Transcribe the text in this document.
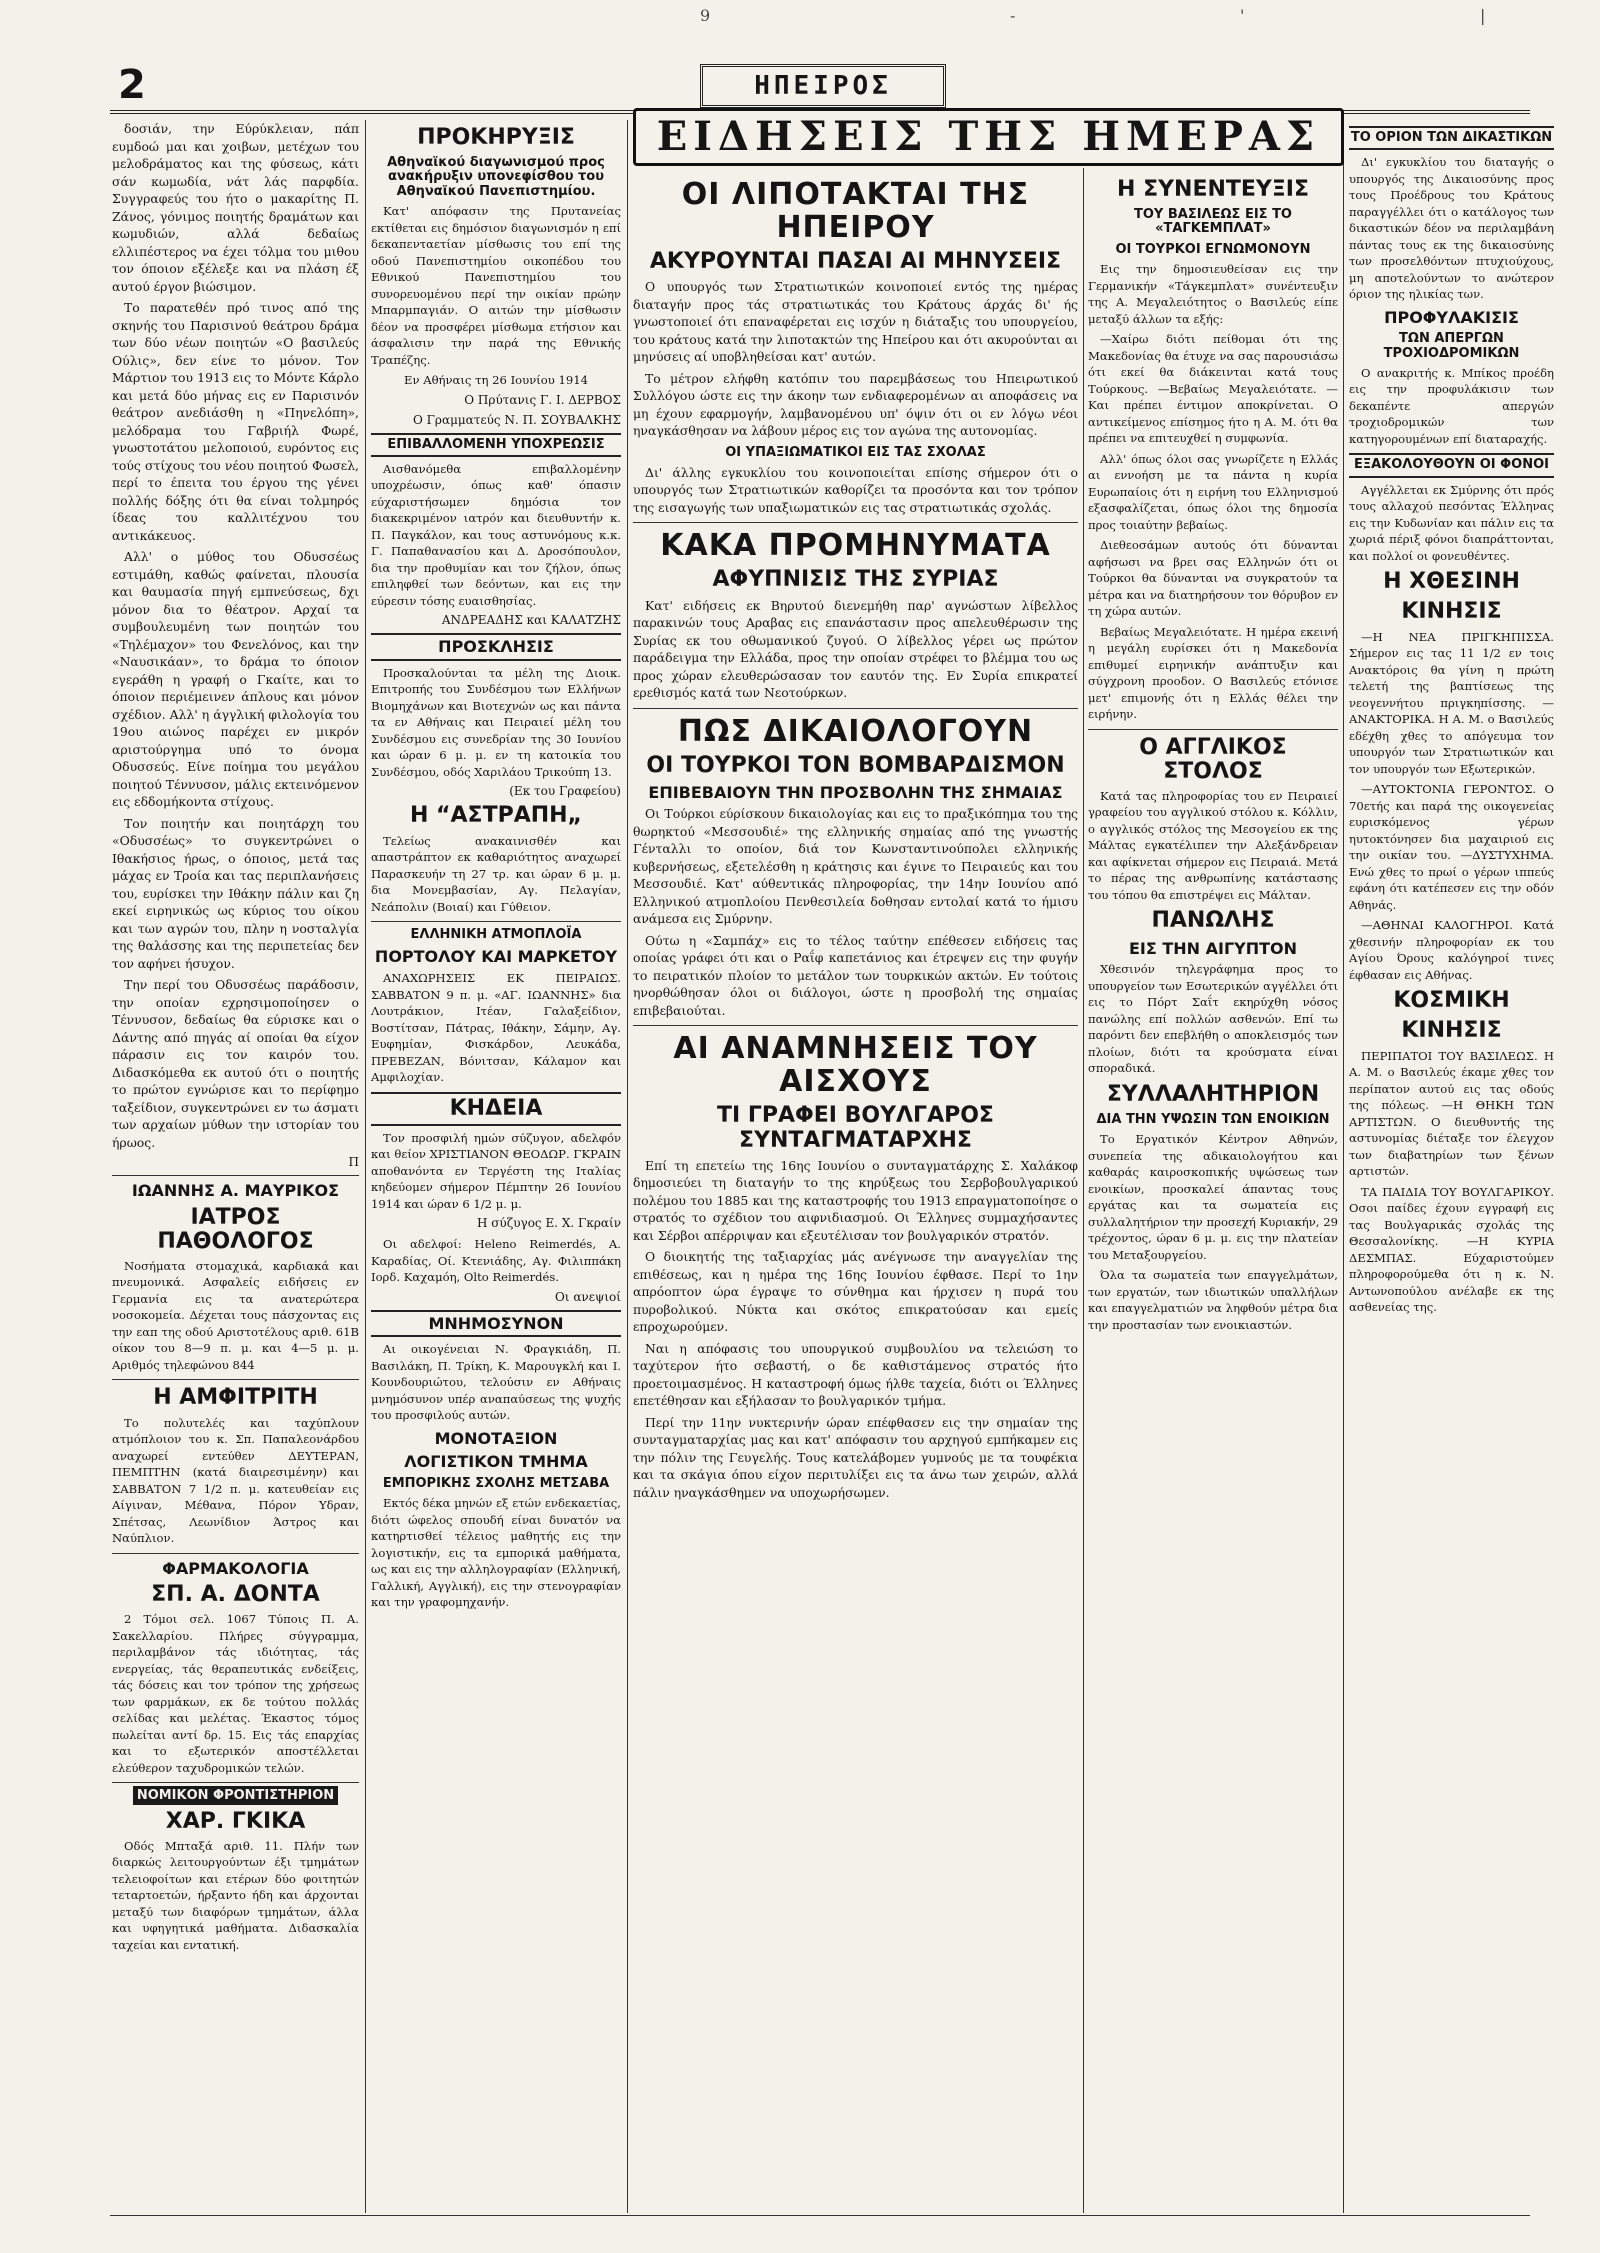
9	-	'	|
2	ΗΠΕΙΡΟΣ

δοσιάν, την Εύρύκλειαν, πάπ ευμδοώ μαι και χοιβων, μετέχων του μελοδράματος και της φύσεως, κάτι σάν κωμωδία, νάτ λάς παρφδία. Συγγραφεύς του ήτο ο μακαρίτης Π. Ζάνος, γόνιμος ποιητής δραμάτων και κωμυδιών, αλλά δεδαίως ελλιπέστερος να έχει τόλμα του μιθου τον όποιον εξέλεξε και να πλάση έξ αυτού έργον βιώσιμον.

Το παρατεθέν πρό τινος από της σκηνής του Παρισινού θεάτρου δράμα των δύο νέων ποιητών «Ο βασιλεύς Ούλις», δεν είνε το μόνον. Τον Μάρτιον του 1913 εις το Μόντε Κάρλο και μετά δύο μήνας εις εν Παρισινόν θεάτρον ανεδιάσθη η «Πηνελόπη», μελόδραμα του Γαβριήλ Φωρέ, γνωστοτάτου μελοποιού, ευρόντος εις τούς στίχους του νέου ποιητού Φωσελ, περί το έπειτα του έργου της γένει πολλής δόξης ότι θα είναι τολμηρός ίδεας του καλλιτέχνου του αντικάκευος.

Αλλ' ο μύθος του Οδυσσέως εστιμάθη, καθώς φαίνεται, πλουσία και θαυμασία πηγή εμπνεύσεως, δχι μόνον δια το θέατρον. Αρχαί τα συμβουλευμένη των ποιητών του «Τηλέμαχον» του Φενελόνος, και την «Ναυσικάαν», το δράμα το όποιον εγεράθη η γραφή ο Γκαίτε, και το όποιον περιέμεινεν άπλους και μόνον σχέδιον. Αλλ' η άγγλική φιλολογία του 19ου αιώνος παρέχει εν μικρόν αριστούργημα υπό το όνομα Οδυσσεύς. Είνε ποίημα του μεγάλου ποιητού Τέννυσον, μάλις εκτεινόμενον εις εδδομήκοντα στίχους.

Τον ποιητήν και ποιητάρχη του «Οδυσσέως» το συγκεντρώνει ο Ιθακήσιος ήρως, ο όποιος, μετά τας μάχας εν Τροία και τας περιπλανήσεις του, ευρίσκει την Ιθάκην πάλιν και ζη εκεί ειρηνικώς ως κύριος του οίκου και των αγρών του, πλην η νοσταλγία της θαλάσσης και της περιπετείας δεν τον αφήνει ήσυχον.

Την περί του Οδυσσέως παράδοσιν, την οποίαν εχρησιμοποίησεν ο Τέννυσον, δεδαίως θα εύρισκε και ο Δάντης από πηγάς αί οποίαι θα είχον πάρασιν εις τον καιρόν του. Διδασκόμεθα εκ αυτού ότι ο ποιητής το πρώτον εγνώρισε και το περίφημο ταξείδιον, συγκεντρώνει εν τω άσματι των αρχαίων μύθων την ιστορίαν του ήρωος.

Π
ΙΩΑΝΝΗΣ Α. ΜΑΥΡΙΚΟΣ
ΙΑΤΡΟΣ ΠΑΘΟΛΟΓΟΣ

Νοσήματα στομαχικά, καρδιακά και πνευμονικά. Ασφαλείς ειδήσεις εν Γερμανία εις τα ανατερώτερα νοσοκομεία. Δέχεται τους πάσχοντας εις την εαπ της οδού Αριστοτέλους αριθ. 61Β οίκον του 8—9 π. μ. και 4—5 μ. μ. Αριθμός τηλεφώνου 844

Η ΑΜΦΙΤΡΙΤΗ

Το πολυτελές και ταχύπλουν ατμόπλοιον του κ. Σπ. Παπαλεονάρδου αναχωρεί εντεύθεν ΔΕΥΤΕΡΑΝ, ΠΕΜΠΤΗΝ (κατά διαιρεσιμένην) και ΣΑΒΒΑΤΟΝ 7 1/2 π. μ. κατευθείαν εις Αίγιναν, Μέθανα, Πόρον Υδραν, Σπέτσας, Λεωνίδιον Άστρος και Ναύπλιον.

ΦΑΡΜΑΚΟΛΟΓΙΑ
ΣΠ. Α. ΔΟΝΤΑ

2 Τόμοι σελ. 1067 Τύποις Π. Α. Σακελλαρίου. Πλήρες σύγγραμμα, περιλαμβάνον τάς ιδιότητας, τάς ενεργείας, τάς θεραπευτικάς ενδείξεις, τάς δόσεις και τον τρόπον της χρήσεως των φαρμάκων, εκ δε τούτου πολλάς σελίδας και μελέτας. Έκαστος τόμος πωλείται αντί δρ. 15. Εις τάς επαρχίας και το εξωτερικόν αποστέλλεται ελεύθερον ταχυδρομικών τελών.

ΝΟΜΙΚΟΝ ΦΡΟΝΤΙΣΤΗΡΙΟΝ
ΧΑΡ. ΓΚΙΚΑ

Οδός Μπταξά αριθ. 11. Πλήν των διαρκώς λειτουργούντων έξι τμημάτων τελειοφοίτων και ετέρων δύο φοιτητών τεταρτοετών, ήρξαντο ήδη και άρχονται μεταξύ των διαφόρων τμημάτων, άλλα και υφηγητικά μαθήματα. Διδασκαλία ταχείαι και εντατική.

ΠΡΟΚΗΡΥΞΙΣ
Αθηναϊκού διαγωνισμού προς ανακήρυξιν υπονεφίσθου του Αθηναϊκού Πανεπιστημίου.

Κατ' απόφασιν της Πρυτανείας εκτίθεται εις δημόσιον διαγωνισμόν η επί δεκαπενταετίαν μίσθωσις του επί της οδού Πανεπιστημίου οικοπέδου του Εθνικού Πανεπιστημίου του συνορευομένου περί την οικίαν πρώην Μπαρμπαγιάν. Ο αιτών την μίσθωσιν δέον να προσφέρει μίσθωμα ετήσιον και άσφαλισιν την παρά της Εθνικής Τραπέζης.

Εν Αθήναις τη 26 Ιουνίου 1914

Ο Πρύτανις Γ. Ι. ΔΕΡΒΟΣ
Ο Γραμματεύς Ν. Π. ΣΟΥΒΑΛΚΗΣ
ΕΠΙΒΑΛΛΟΜΕΝΗ ΥΠΟΧΡΕΩΣΙΣ

Αισθανόμεθα επιβαλλομένην υποχρέωσιν, όπως καθ' όπασιν εύχαριστήσωμεν δημόσια τον διακεκριμένον ιατρόν και διευθυντήν κ. Π. Παγκάλον, και τους αστυνόμους κ.κ. Γ. Παπαθανασίου και Δ. Δροσόπουλον, δια την προθυμίαν και τον ζήλον, όπως επιληφθεί των δεόντων, και εις την εύρεσιν τόσης ευαισθησίας.

ΑΝΔΡΕΑΔΗΣ και ΚΑΛΑΤΖΗΣ
ΠΡΟΣΚΛΗΣΙΣ

Προσκαλούνται τα μέλη της Διοικ. Επιτροπής του Συνδέσμου των Ελλήνων Βιομηχάνων και Βιοτεχνών ως και πάντα τα εν Αθήναις και Πειραιεί μέλη του Συνδέσμου εις συνεδρίαν της 30 Ιουνίου και ώραν 6 μ. μ. εν τη κατοικία του Συνδέσμου, οδός Χαριλάου Τρικούπη 13.

(Εκ του Γραφείου)
Η “ΑΣΤΡΑΠΗ„

Τελείως ανακαινισθέν και απαστράπτον εκ καθαριότητος αναχωρεί Παρασκευήν τη 27 τρ. και ώραν 6 μ. μ. δια Μονεμβασίαν, Αγ. Πελαγίαν, Νεάπολιν (Βοιαί) και Γύθειον.

ΕΛΛΗΝΙΚΗ ΑΤΜΟΠΛΟΪΑ
ΠΟΡΤΟΛΟΥ ΚΑΙ ΜΑΡΚΕΤΟΥ

ΑΝΑΧΩΡΗΣΕΙΣ ΕΚ ΠΕΙΡΑΙΩΣ. ΣΑΒΒΑΤΟΝ 9 π. μ. «ΑΓ. ΙΩΑΝΝΗΣ» δια Λουτράκιον, Ιτέαν, Γαλαξείδιον, Βοστίτσαν, Πάτρας, Ιθάκην, Σάμην, Αγ. Ευφημίαν, Φισκάρδον, Λευκάδα, ΠΡΕΒΕΖΑΝ, Βόνιτσαν, Κάλαμον και Αμφιλοχίαν.

ΚΗΔΕΙΑ

Τον προσφιλή ημών σύζυγον, αδελφόν και θείον ΧΡΙΣΤΙΑΝΟΝ ΘΕΟΔΩΡ. ΓΚΡΑΙΝ αποθανόντα εν Τεργέστη της Ιταλίας κηδεύομεν σήμερον Πέμπτην 26 Ιουνίου 1914 και ώραν 6 1/2 μ. μ.

Η σύζυγος Ε. Χ. Γκραίν

Οι αδελφοί: Heleno Reimerdés, Α. Καραδίας, Οί. Κτενιάδης, Αγ. Φιλιππάκη Ιορδ. Καχαμόη, Olto Reimerdés.

Οι ανεψιοί
ΜΝΗΜΟΣΥΝΟΝ

Αι οικογένειαι Ν. Φραγκιάδη, Π. Βασιλάκη, Π. Τρίκη, Κ. Μαρουγκλή και Ι. Κουνδουριώτου, τελούσιν εν Αθήναις μνημόσυνον υπέρ αναπαύσεως της ψυχής του προσφιλούς αυτών.

ΜΟΝΟΤΑΞΙΟΝ
ΛΟΓΙΣΤΙΚΟΝ ΤΜΗΜΑ
ΕΜΠΟΡΙΚΗΣ ΣΧΟΛΗΣ ΜΕΤΣΑΒΑ

Εκτός δέκα μηνών εξ ετών ενδεκαετίας, διότι ώφελος σπουδή είναι δυνατόν να κατηρτισθεί τέλειος μαθητής εις την λογιστικήν, εις τα εμπορικά μαθήματα, ως και εις την αλληλογραφίαν (Ελληνική, Γαλλική, Αγγλική), εις την στενογραφίαν και την γραφομηχανήν.

ΕΙΔΗΣΕΙΣ ΤΗΣ ΗΜΕΡΑΣ
ΟΙ ΛΙΠΟΤΑΚΤΑΙ ΤΗΣ ΗΠΕΙΡΟΥ
ΑΚΥΡΟΥΝΤΑΙ ΠΑΣΑΙ ΑΙ ΜΗΝΥΣΕΙΣ

Ο υπουργός των Στρατιωτικών κοινοποιεί εντός της ημέρας διαταγήν προς τάς στρατιωτικάς του Κράτους άρχάς δι' ής γνωστοποιεί ότι επαναφέρεται εις ισχύν η διάταξις του υπουργείου, του κράτους κατά την λιποτακτών της Ηπείρου και ότι ακυρούνται αι μηνύσεις αί υποβληθείσαι κατ' αυτών.

Το μέτρον ελήφθη κατόπιν του παρεμβάσεως του Ηπειρωτικού Συλλόγου ώστε εις την άκοην των ενδιαφερομένων αι αποφάσεις να μη έχουν εφαρμογήν, λαμβανομένου υπ' όψιν ότι οι εν λόγω νέοι ηναγκάσθησαν να λάβουν μέρος εις τον αγώνα της αυτονομίας.

ΟΙ ΥΠΑΞΙΩΜΑΤΙΚΟΙ ΕΙΣ ΤΑΣ ΣΧΟΛΑΣ

Δι' άλλης εγκυκλίου του κοινοποιείται επίσης σήμερον ότι ο υπουργός των Στρατιωτικών καθορίζει τα προσόντα και τον τρόπον της εισαγωγής των υπαξιωματικών εις τας στρατιωτικάς σχολάς.

ΚΑΚΑ ΠΡΟΜΗΝΥΜΑΤΑ
ΑΦΥΠΝΙΣΙΣ ΤΗΣ ΣΥΡΙΑΣ

Κατ' ειδήσεις εκ Βηρυτού διενεμήθη παρ' αγνώστων λίβελλος παρακινών τους Αραβας εις επανάστασιν προς απελευθέρωσιν της Συρίας εκ του οθωμανικού ζυγού. Ο λίβελλος γέρει ως πρώτον παράδειγμα την Ελλάδα, προς την οποίαν στρέφει το βλέμμα του ως προς χώραν ελευθερώσασαν τον εαυτόν της. Εν Συρία επικρατεί ερεθισμός κατά των Νεοτούρκων.

ΠΩΣ ΔΙΚΑΙΟΛΟΓΟΥΝ
ΟΙ ΤΟΥΡΚΟΙ ΤΟΝ ΒΟΜΒΑΡΔΙΣΜΟΝ
ΕΠΙΒΕΒΑΙΟΥΝ ΤΗΝ ΠΡΟΣΒΟΛΗΝ ΤΗΣ ΣΗΜΑΙΑΣ

Οι Τούρκοι εύρίσκουν δικαιολογίας και εις το πραξικόπημα του της θωρηκτού «Μεσσουδιέ» της ελληνικής σημαίας από της γνωστής Γένταλλι το οποίον, διά τον Κωνσταντινούπολει ελληνικής κυβερνήσεως, εξετελέσθη η κράτησις και έγινε το Πειραιεύς και του Μεσσουδιέ. Κατ' αύθεντικάς πληροφορίας, την 14ην Ιουνίου από Ελληνικού ατμοπλοίου Πενθεσιλεία δοθησαν εντολαί κατά το ήμισυ ανάμεσα εις Σμύρνην.

Ούτω η «Σαμπάχ» εις το τέλος ταύτην επέθεσεν ειδήσεις τας οποίας γράφει ότι και ο Ραΐφ καπετάνιος και έτρεψεν εις την φυγήν το πειρατικόν πλοίον το μετάλον των τουρκικών ακτών. Εν τούτοις ηνορθώθησαν όλοι οι διάλογοι, ώστε η προσβολή της σημαίας επιβεβαιούται.

ΑΙ ΑΝΑΜΝΗΣΕΙΣ ΤΟΥ ΑΙΣΧΟΥΣ
ΤΙ ΓΡΑΦΕΙ ΒΟΥΛΓΑΡΟΣ ΣΥΝΤΑΓΜΑΤΑΡΧΗΣ

Επί τη επετείω της 16ης Ιουνίου ο συνταγματάρχης Σ. Χαλάκοφ δημοσιεύει τη διαταγήν το της κηρύξεως του Σερβοβουλγαρικού πολέμου του 1885 και της καταστροφής του 1913 επραγματοποίησε ο στρατός το σχέδιον του αιφνιδιασμού. Οι Έλληνες συμμαχήσαντες και Σέρβοι απέρριψαν και εξευτέλισαν τον βουλγαρικόν στρατόν.

Ο διοικητής της ταξιαρχίας μάς ανέγνωσε την αναγγελίαν της επιθέσεως, και η ημέρα της 16ης Ιουνίου έφθασε. Περί το 1ην απρόοπτον ώρα έγραψε το σύνθημα και ήρχισεν η πυρά του πυροβολικού. Νύκτα και σκότος επικρατούσαν και εμείς επροχωρούμεν.

Ναι η απόφασις του υπουργικού συμβουλίου να τελειώση το ταχύτερον ήτο σεβαστή, ο δε καθιστάμενος στρατός ήτο προετοιμασμένος. Η καταστροφή όμως ήλθε ταχεία, διότι οι Έλληνες επετέθησαν και εξήλασαν το βουλγαρικόν τμήμα.

Περί την 11ην νυκτερινήν ώραν επέφθασεν εις την σημαίαν της συνταγματαρχίας μας και κατ' απόφασιν του αρχηγού εμπήκαμεν εις την πόλιν της Γευγελής. Τους κατελάβομεν γυμνούς με τα τουφέκια και τα σκάγια όπου είχον περιτυλίξει εις τα άνω των χειρών, αλλά πάλιν ηναγκάσθημεν να υποχωρήσωμεν.

Η ΣΥΝΕΝΤΕΥΞΙΣ
ΤΟΥ ΒΑΣΙΛΕΩΣ ΕΙΣ ΤΟ «ΤΑΓΚΕΜΠΛΑΤ»
ΟΙ ΤΟΥΡΚΟΙ ΕΓΝΩΜΟΝΟΥΝ

Εις την δημοσιευθείσαν εις την Γερμανικήν «Τάγκεμπλατ» συνέντευξιν της Α. Μεγαλειότητος ο Βασιλεύς είπε μεταξύ άλλων τα εξής:

—Χαίρω διότι πείθομαι ότι της Μακεδονίας θα έτυχε να σας παρουσιάσω ότι εκεί θα διάκεινται κατά τους Τούρκους. —Βεβαίως Μεγαλειότατε. —Και πρέπει έντιμον αποκρίνεται. Ο αντικείμενος επίσημος ήτο η Α. Μ. ότι θα πρέπει να επιτευχθεί η συμφωνία.

Αλλ' όπως όλοι σας γνωρίζετε η Ελλάς αι εννοήση με τα πάντα η κυρία Ευρωπαίοις ότι η ειρήνη του Ελληνισμού εξασφαλίζεται, όπως όλοι της δημοσία προς τοιαύτην βεβαίως.

Διεθεοσάμων αυτούς ότι δύνανται αφήσωσι να βρει σας Ελληνών ότι οι Τούρκοι θα δύνανται να συγκρατούν τα μέτρα και να διατηρήσουν τον θόρυβον εν τη χώρα αυτών.

Βεβαίως Μεγαλειότατε. Η ημέρα εκεινή η μεγάλη ευρίσκει ότι η Μακεδονία επιθυμεί ειρηνικήν ανάπτυξιν και σύγχρονη προοδον. Ο Βασιλεύς ετόνισε μετ' επιμονής ότι η Ελλάς θέλει την ειρήνην.

Ο ΑΓΓΛΙΚΟΣ ΣΤΟΛΟΣ

Κατά τας πληροφορίας του εν Πειραιεί γραφείου του αγγλικού στόλου κ. Κόλλιν, ο αγγλικός στόλος της Μεσογείου εκ της Μάλτας εγκατέλιπεν την Αλεξάνδρειαν και αφίκνεται σήμερον εις Πειραιά. Μετά το πέρας της ανθρωπίνης κατάστασης του τόπου θα επιστρέψει εις Μάλταν.

ΠΑΝΩΛΗΣ
ΕΙΣ ΤΗΝ ΑΙΓΥΠΤΟΝ

Χθεσινόν τηλεγράφημα προς το υπουργείον των Εσωτερικών αγγέλλει ότι εις το Πόρτ Σαΐτ εκηρύχθη νόσος πανώλης επί πολλών ασθενών. Επί τω παρόντι δεν επεβλήθη ο αποκλεισμός των πλοίων, διότι τα κρούσματα είναι σποραδικά.

ΣΥΛΛΑΛΗΤΗΡΙΟΝ
ΔΙΑ ΤΗΝ ΥΨΩΣΙΝ ΤΩΝ ΕΝΟΙΚΙΩΝ

Το Εργατικόν Κέντρον Αθηνών, συνεπεία της αδικαιολογήτου και καθαράς καιροσκοπικής υψώσεως των ενοικίων, προσκαλεί άπαντας τους εργάτας και τα σωματεία εις συλλαλητήριον την προσεχή Κυριακήν, 29 τρέχοντος, ώραν 6 μ. μ. εις την πλατείαν του Μεταξουργείου.

Όλα τα σωματεία των επαγγελμάτων, των εργατών, των ιδιωτικών υπαλλήλων και επαγγελματιών να ληφθούν μέτρα δια την προστασίαν των ενοικιαστών.

ΤΟ ΟΡΙΟΝ ΤΩΝ ΔΙΚΑΣΤΙΚΩΝ

Δι' εγκυκλίου του διαταγής ο υπουργός της Δικαιοσύνης προς τους Προέδρους του Κράτους παραγγέλλει ότι ο κατάλογος των δικαστικών δέον να περιλαμβάνη πάντας τους εκ της δικαιοσύνης των προσελθόντων πτυχιούχους, μη αποτελούντων το ανώτερον όριον της ηλικίας των.

ΠΡΟΦΥΛΑΚΙΣΙΣ
ΤΩΝ ΑΠΕΡΓΩΝ ΤΡΟΧΙΟΔΡΟΜΙΚΩΝ

Ο ανακριτής κ. Μπίκος προέδη εις την προφυλάκισιν των δεκαπέντε απεργών τροχιοδρομικών των κατηγορουμένων επί διαταραχής.

ΕΞΑΚΟΛΟΥΘΟΥΝ ΟΙ ΦΟΝΟΙ

Αγγέλλεται εκ Σμύρνης ότι πρός τους αλλαχού πεσόντας Έλληνας εις την Κυδωνίαν και πάλιν εις τα χωριά πέριξ φόνοι διαπράττονται, και πολλοί οι φονευθέντες.

Η ΧΘΕΣΙΝΗ
ΚΙΝΗΣΙΣ

—Η ΝΕΑ ΠΡΙΓΚΗΠΙΣΣΑ. Σήμερον εις τας 11 1/2 εν τοις Ανακτόροις θα γίνη η πρώτη τελετή της βαπτίσεως της νεογεννήτου πριγκηπίσσης. —ΑΝΑΚΤΟΡΙΚΑ. Η Α. Μ. ο Βασιλεύς εδέχθη χθες το απόγευμα τον υπουργόν των Στρατιωτικών και τον υπουργόν των Εξωτερικών.

—ΑΥΤΟΚΤΟΝΙΑ ΓΕΡΟΝΤΟΣ. Ο 70ετής και παρά της οικογενείας ευρισκόμενος γέρων ηυτοκτόνησεν δια μαχαιριού εις την οικίαν του. —ΔΥΣΤΥΧΗΜΑ. Ενώ χθες το πρωί ο γέρων ιππεύς εφάνη ότι κατέπεσεν εις την οδόν Αθηνάς.

—ΑΘΗΝΑΙ ΚΑΛΟΓΗΡΟΙ. Κατά χθεσινήν πληροφορίαν εκ του Αγίου Όρους καλόγηροί τινες έφθασαν εις Αθήνας.

ΚΟΣΜΙΚΗ
ΚΙΝΗΣΙΣ

ΠΕΡΙΠΑΤΟΙ ΤΟΥ ΒΑΣΙΛΕΩΣ. Η Α. Μ. ο Βασιλεύς έκαμε χθες τον περίπατον αυτού εις τας οδούς της πόλεως. —Η ΘΗΚΗ ΤΩΝ ΑΡΤΙΣΤΩΝ. Ο διευθυντής της αστυνομίας διέταξε τον έλεγχον των διαβατηρίων των ξένων αρτιστών.

ΤΑ ΠΑΙΔΙΑ ΤΟΥ ΒΟΥΛΓΑΡΙΚΟΥ. Οσοι παίδες έχουν εγγραφή εις τας Βουλγαρικάς σχολάς της Θεσσαλονίκης. —Η ΚΥΡΙΑ ΔΕΣΜΠΑΣ. Εύχαριστούμεν πληροφορούμεθα ότι η κ. Ν. Αντωνοπούλου ανέλαβε εκ της ασθενείας της.
